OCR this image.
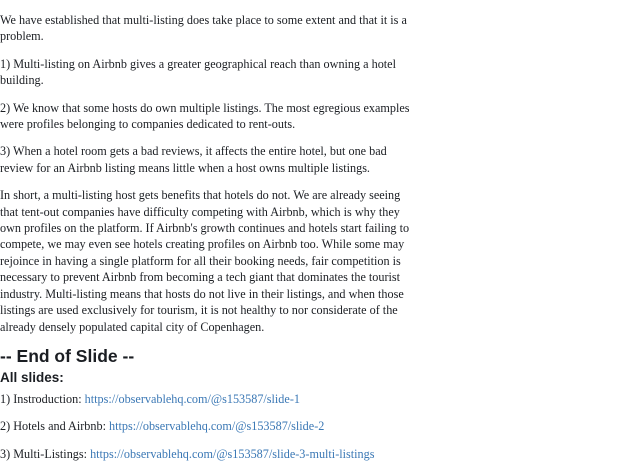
We have established that multi-listing does take place to some extent and that it is a problem.

1) Multi-listing on Airbnb gives a greater geographical reach than owning a hotel building.

2) We know that some hosts do own multiple listings. The most egregious examples were profiles belonging to companies dedicated to rent-outs.

3) When a hotel room gets a bad reviews, it affects the entire hotel, but one bad review for an Airbnb listing means little when a host owns multiple listings.

In short, a multi-listing host gets benefits that hotels do not. We are already seeing that tent-out companies have difficulty competing with Airbnb, which is why they own profiles on the platform. If Airbnb's growth continues and hotels start failing to compete, we may even see hotels creating profiles on Airbnb too. While some may rejoince in having a single platform for all their booking needs, fair competition is necessary to prevent Airbnb from becoming a tech giant that dominates the tourist industry. Multi-listing means that hosts do not live in their listings, and when those listings are used exclusively for tourism, it is not healthy to nor considerate of the already densely populated capital city of Copenhagen.

-- End of Slide --
All slides:

1) Instroduction: https://observablehq.com/@s153587/slide-1

2) Hotels and Airbnb: https://observablehq.com/@s153587/slide-2

3) Multi-Listings: https://observablehq.com/@s153587/slide-3-multi-listings
